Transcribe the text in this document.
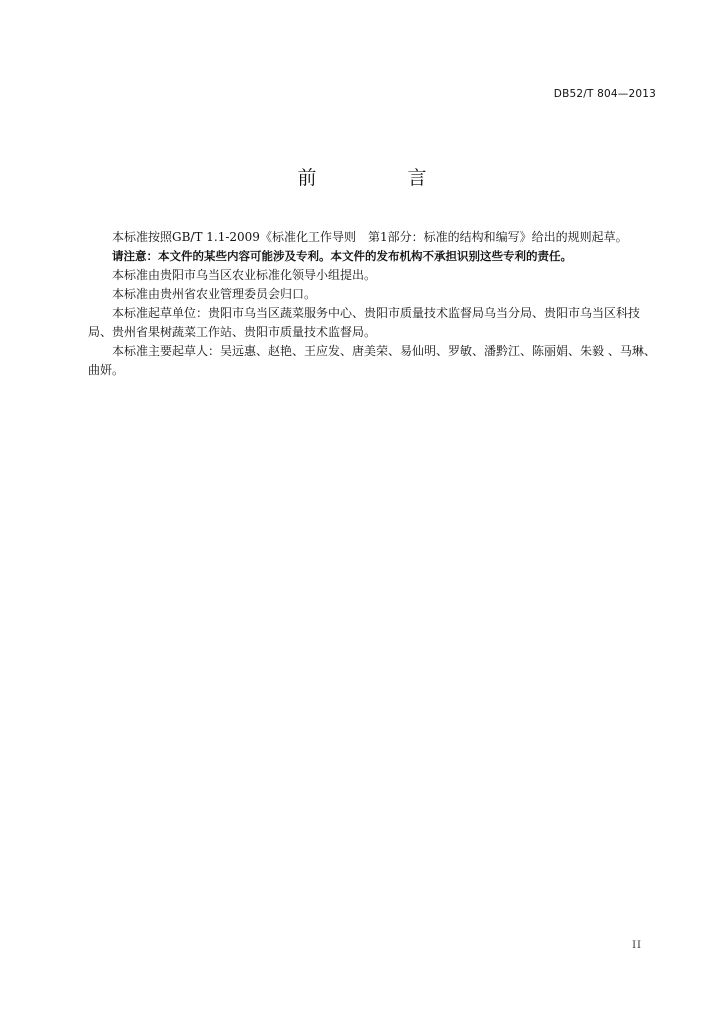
DB52/T 804—2013
前　言

本标准按照GB/T 1.1-2009《标准化工作导则　第1部分：标准的结构和编写》给出的规则起草。

请注意：本文件的某些内容可能涉及专利。本文件的发布机构不承担识别这些专利的责任。

本标准由贵阳市乌当区农业标准化领导小组提出。

本标准由贵州省农业管理委员会归口。

本标准起草单位：贵阳市乌当区蔬菜服务中心、贵阳市质量技术监督局乌当分局、贵阳市乌当区科技局、贵州省果树蔬菜工作站、贵阳市质量技术监督局。

本标准主要起草人：吴远惠、赵艳、王应发、唐美荣、易仙明、罗敏、潘黔江、陈丽娟、朱毅 、马琳、曲妍。

II
